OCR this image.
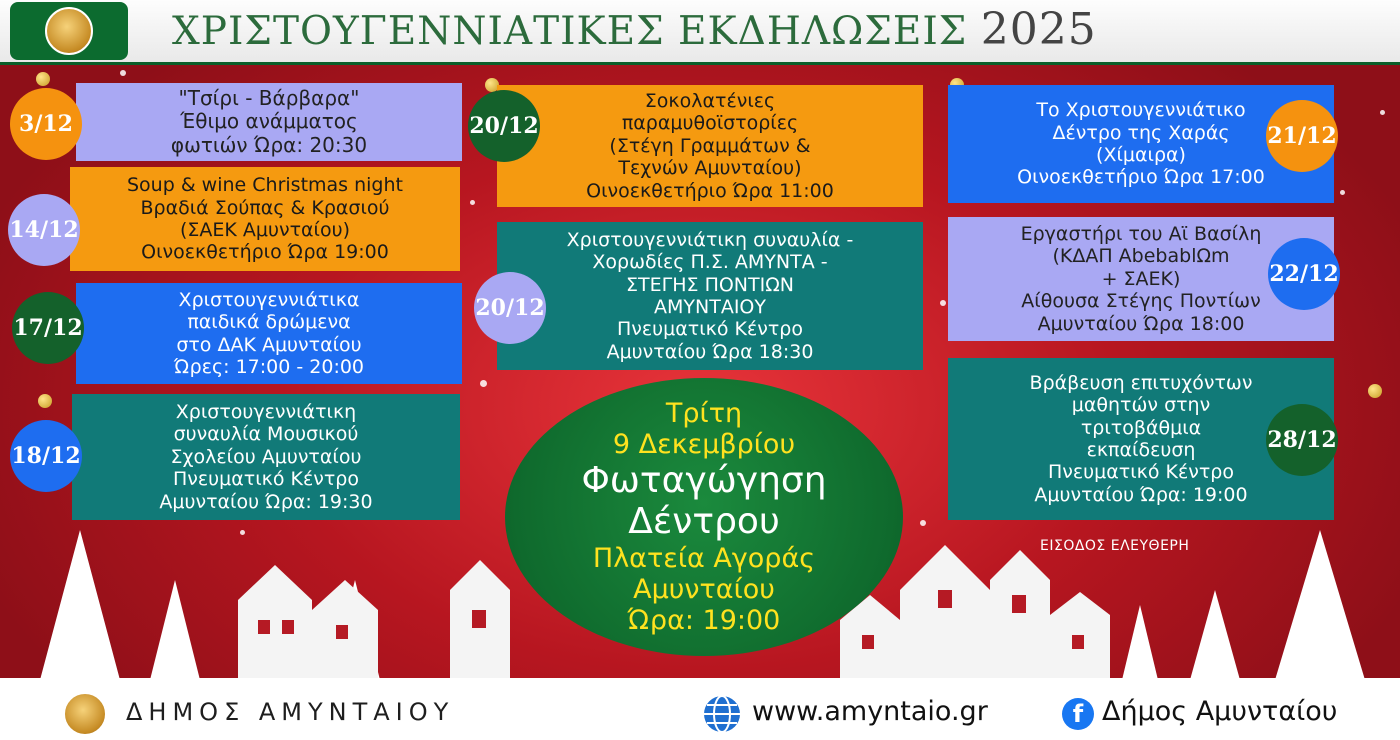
ΧΡΙΣΤΟΥΓΕΝΝΙΑΤΙΚΕΣ ΕΚΔΗΛΩΣΕΙΣ 2025
"Τσίρι - Βάρβαρα"
Έθιμο ανάμματος
φωτιών Ώρα: 20:30
3/12
Soup & wine Christmas night
Βραδιά Σούπας & Κρασιού
(ΣΑΕΚ Αμυνταίου)
Οινοεκθετήριο Ώρα 19:00
14/12
Χριστουγεννιάτικα
παιδικά δρώμενα
στο ΔΑΚ Αμυνταίου
Ώρες: 17:00 - 20:00
17/12
Χριστουγεννιάτικη
συναυλία Μουσικού
Σχολείου Αμυνταίου
Πνευματικό Κέντρο
Αμυνταίου Ώρα: 19:30
18/12
Σοκολατένιες
παραμυθοϊστορίες
(Στέγη Γραμμάτων &
Τεχνών Αμυνταίου)
Οινοεκθετήριο Ώρα 11:00
20/12
Χριστουγεννιάτικη συναυλία -
Χορωδίες Π.Σ. ΑΜΥΝΤΑ -
ΣΤΕΓΗΣ ΠΟΝΤΙΩΝ
ΑΜΥΝΤΑΙΟΥ
Πνευματικό Κέντρο
Αμυνταίου Ώρα 18:30
20/12
Το Χριστουγεννιάτικο
Δέντρο της Χαράς
(Χίμαιρα)
Οινοεκθετήριο Ώρα 17:00
21/12
Εργαστήρι του Αϊ Βασίλη
(ΚΔΑΠ AbebablΩm
+ ΣΑΕΚ)
Αίθουσα Στέγης Ποντίων
Αμυνταίου Ώρα 18:00
22/12
Βράβευση επιτυχόντων
μαθητών στην
τριτοβάθμια
εκπαίδευση
Πνευματικό Κέντρο
Αμυνταίου Ώρα: 19:00
28/12
ΕΙΣΟΔΟΣ ΕΛΕΥΘΕΡΗ
Τρίτη
9 Δεκεμβρίου
Φωταγώγηση
Δέντρου
Πλατεία Αγοράς
Αμυνταίου
Ώρα: 19:00
ΔΗΜΟΣ ΑΜΥΝΤΑΙΟΥ	www.amyntaio.gr	f Δήμος Αμυνταίου
